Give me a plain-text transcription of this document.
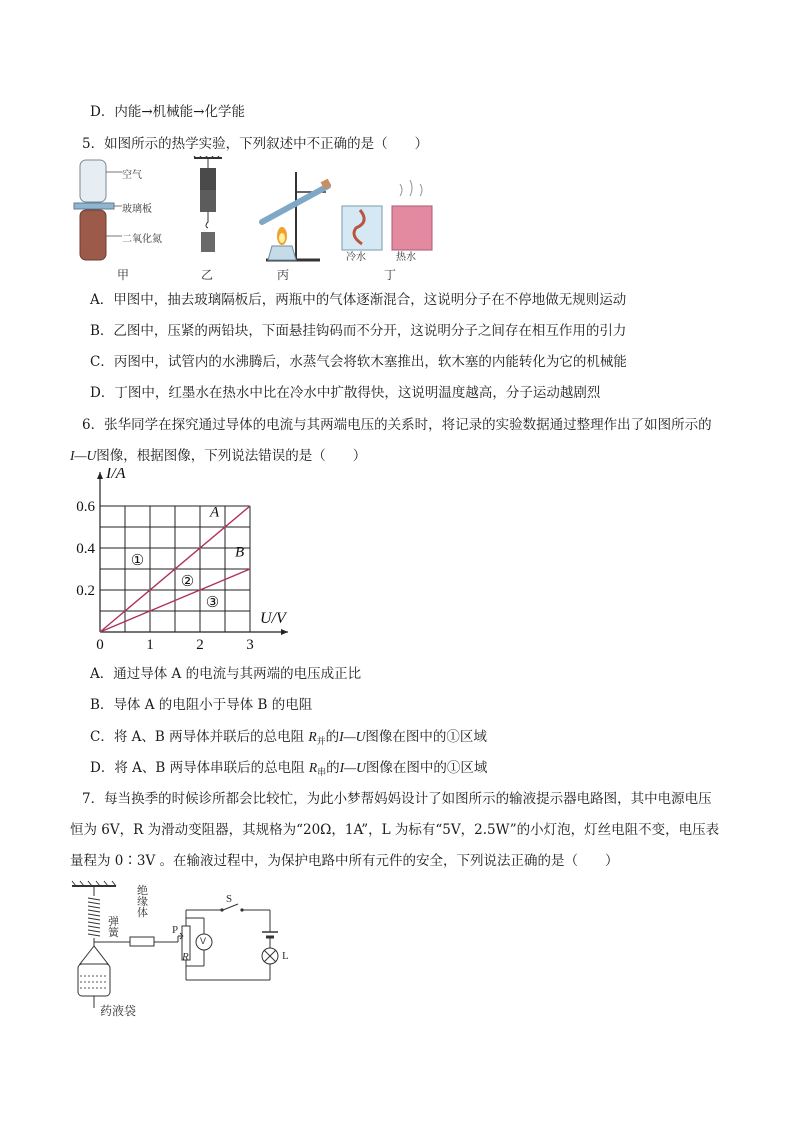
D．内能→机械能→化学能
5．如图所示的热学实验，下列叙述中不正确的是（　　）
空气
玻璃板
二氧化氮
冷水	热水
甲	乙	丙	丁
A．甲图中，抽去玻璃隔板后，两瓶中的气体逐渐混合，这说明分子在不停地做无规则运动
B．乙图中，压紧的两铅块，下面悬挂钩码而不分开，这说明分子之间存在相互作用的引力
C．丙图中，试管内的水沸腾后，水蒸气会将软木塞推出，软木塞的内能转化为它的机械能
D．丁图中，红墨水在热水中比在冷水中扩散得快，这说明温度越高，分子运动越剧烈
6．张华同学在探究通过导体的电流与其两端电压的关系时，将记录的实验数据通过整理作出了如图所示的
I—U图像，根据图像，下列说法错误的是（　　）
0	1	2	3
0.2
0.4
0.6
I/A
U/V
A
B
①
②
③
A．通过导体 A 的电流与其两端的电压成正比
B．导体 A 的电阻小于导体 B 的电阻
C．将 A、B 两导体并联后的总电阻 $R_并$的I—U图像在图中的①区域
D．将 A、B 两导体串联后的总电阻 $R_串$的I—U图像在图中的①区域
7．每当换季的时候诊所都会比较忙，为此小梦帮妈妈设计了如图所示的输液提示器电路图，其中电源电压
恒为 6V，R 为滑动变阻器，其规格为“20Ω，1A”，L 为标有“5V，2.5W”的小灯泡，灯丝电阻不变，电压表
量程为 0∶3V 。在输液过程中，为保护电路中所有元件的安全，下列说法正确的是（　　）
弹簧
绝缘体
药液袋
S
P
R	L
V
